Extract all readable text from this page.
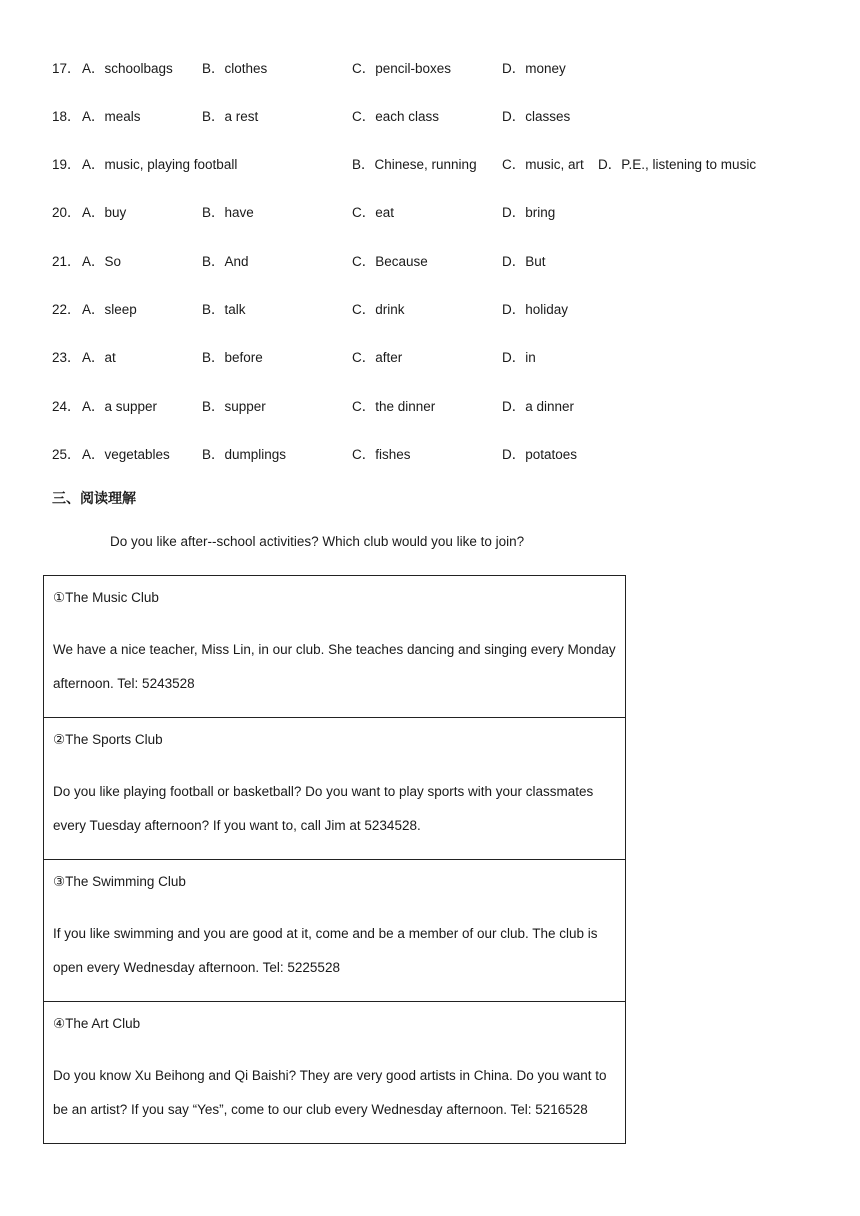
17． A．schoolbags B．clothes	C．pencil-boxes	D．money
18． A．meals	B．a rest	C．each class	D．classes
19． A．music, playing football	B．Chinese, running C．music, art D．P.E., listening to music
20． A．buy	B．have	C．eat	D．bring
21． A．So	B．And	C．Because	D．But
22． A．sleep	B．talk	C．drink	D．holiday
23． A．at	B．before	C．after	D．in
24． A．a supper	B．supper	C．the dinner	D．a dinner
25． A．vegetables B．dumplings	C．fishes	D．potatoes
三、阅读理解
Do you like after--school activities? Which club would you like to join?
①The Music Club
We have a nice teacher, Miss Lin, in our club. She teaches dancing and singing every Monday afternoon. Tel: 5243528
②The Sports Club
Do you like playing football or basketball? Do you want to play sports with your classmates every Tuesday afternoon? If you want to, call Jim at 5234528.
③The Swimming Club
If you like swimming and you are good at it, come and be a member of our club. The club is open every Wednesday afternoon. Tel: 5225528
④The Art Club
Do you know Xu Beihong and Qi Baishi? They are very good artists in China. Do you want to be an artist? If you say “Yes”, come to our club every Wednesday afternoon. Tel: 5216528
